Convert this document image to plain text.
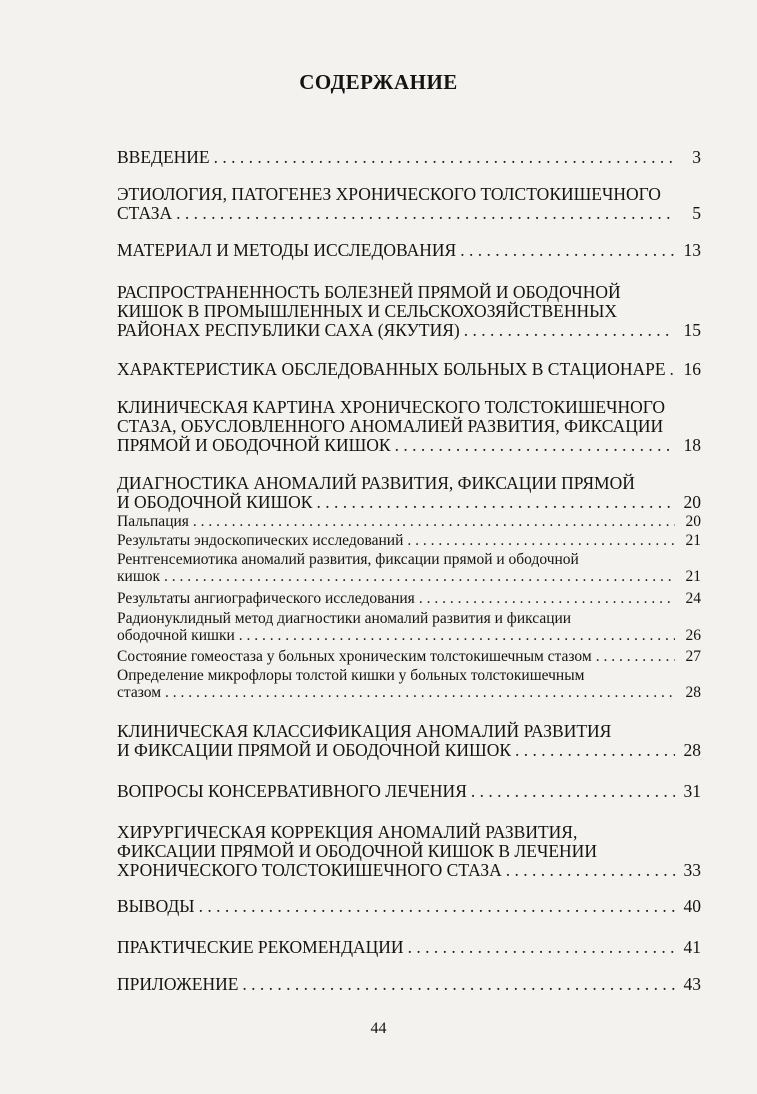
СОДЕРЖАНИЕ
ВВЕДЕНИЕ . . .	3
ЭТИОЛОГИЯ, ПАТОГЕНЕЗ ХРОНИЧЕСКОГО ТОЛСТОКИШЕЧНОГО
СТАЗА . . .	5
МАТЕРИАЛ И МЕТОДЫ ИССЛЕДОВАНИЯ . . .	13
РАСПРОСТРАНЕННОСТЬ БОЛЕЗНЕЙ ПРЯМОЙ И ОБОДОЧНОЙ
КИШОК В ПРОМЫШЛЕННЫХ И СЕЛЬСКОХОЗЯЙСТВЕННЫХ
РАЙОНАХ РЕСПУБЛИКИ САХА (ЯКУТИЯ) . . .	15
ХАРАКТЕРИСТИКА ОБСЛЕДОВАННЫХ БОЛЬНЫХ В СТАЦИОНАРЕ . . . 16
КЛИНИЧЕСКАЯ КАРТИНА ХРОНИЧЕСКОГО ТОЛСТОКИШЕЧНОГО
СТАЗА, ОБУСЛОВЛЕННОГО АНОМАЛИЕЙ РАЗВИТИЯ, ФИКСАЦИИ
ПРЯМОЙ И ОБОДОЧНОЙ КИШОК . . .	18
ДИАГНОСТИКА АНОМАЛИЙ РАЗВИТИЯ, ФИКСАЦИИ ПРЯМОЙ
И ОБОДОЧНОЙ КИШОК . . .	20
Пальпация . . .	20
Результаты эндоскопических исследований . . .	21
Рентгенсемиотика аномалий развития, фиксации прямой и ободочной
кишок . . .	21
Результаты ангиографического исследования . . .	24
Радионуклидный метод диагностики аномалий развития и фиксации
ободочной кишки . . .	26
Состояние гомеостаза у больных хроническим толстокишечным стазом . . .	27
Определение микрофлоры толстой кишки у больных толстокишечным
стазом . . .	28
КЛИНИЧЕСКАЯ КЛАССИФИКАЦИЯ АНОМАЛИЙ РАЗВИТИЯ
И ФИКСАЦИИ ПРЯМОЙ И ОБОДОЧНОЙ КИШОК . . .	28
ВОПРОСЫ КОНСЕРВАТИВНОГО ЛЕЧЕНИЯ . . .	31
ХИРУРГИЧЕСКАЯ КОРРЕКЦИЯ АНОМАЛИЙ РАЗВИТИЯ,
ФИКСАЦИИ ПРЯМОЙ И ОБОДОЧНОЙ КИШОК В ЛЕЧЕНИИ
ХРОНИЧЕСКОГО ТОЛСТОКИШЕЧНОГО СТАЗА . . .	33
ВЫВОДЫ . . .	40
ПРАКТИЧЕСКИЕ РЕКОМЕНДАЦИИ . . .	41
ПРИЛОЖЕНИЕ . . .	43
44
